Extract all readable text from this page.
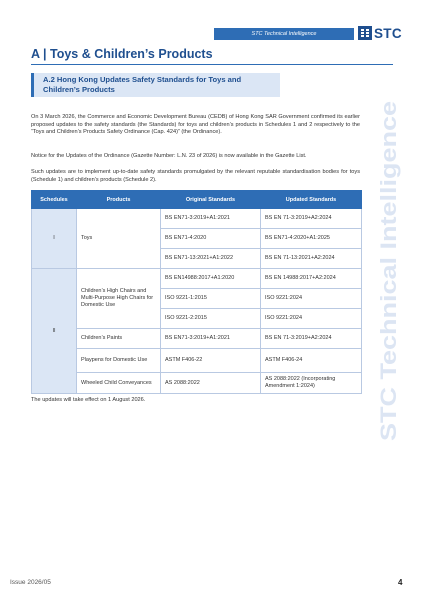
STC Technical Intelligence	STC
A | Toys & Children’s Products
A.2 Hong Kong Updates Safety Standards for Toys and
Children’s Products

On 3 March 2026, the Commerce and Economic Development Bureau (CEDB) of Hong Kong SAR Government confirmed its earlier proposed updates to the safety standards (the Standards) for toys and children’s products in Schedules 1 and 2 respectively to the “Toys and Children’s Products Safety Ordinance (Cap. 424)” (the Ordinance).

Notice for the Updates of the Ordinance (Gazette Number: L.N. 23 of 2026) is now available in the Gazette List.

Such updates are to implement up-to-date safety standards promulgated by the relevant reputable standardisation bodies for toys (Schedule 1) and children’s products (Schedule 2).

Schedules	Products	Original Standards	Updated Standards
I	Toys	BS EN71-3:2019+A1:2021	BS EN 71-3:2019+A2:2024
		BS EN71-4:2020	BS EN71-4:2020+A1:2025
		BS EN71-13:2021+A1:2022	BS EN 71-13:2021+A2:2024
II	Children’s High Chairs and Multi-Purpose High Chairs for Domestic Use	BS EN14988:2017+A1:2020	BS EN 14988:2017+A2:2024
		ISO 9221-1:2015	ISO 9221:2024
		ISO 9221-2:2015	ISO 9221:2024
	Children’s Paints	BS EN71-3:2019+A1:2021	BS EN 71-3:2019+A2:2024
	Playpens for Domestic Use	ASTM F406-22	ASTM F406-24
	Wheeled Child Conveyances	AS 2088:2022	AS 2088:2022 (Incorporating Amendment 1:2024)

The updates will take effect on 1 August 2026.	STC Technical Intelligence
Issue 2026/05	4
